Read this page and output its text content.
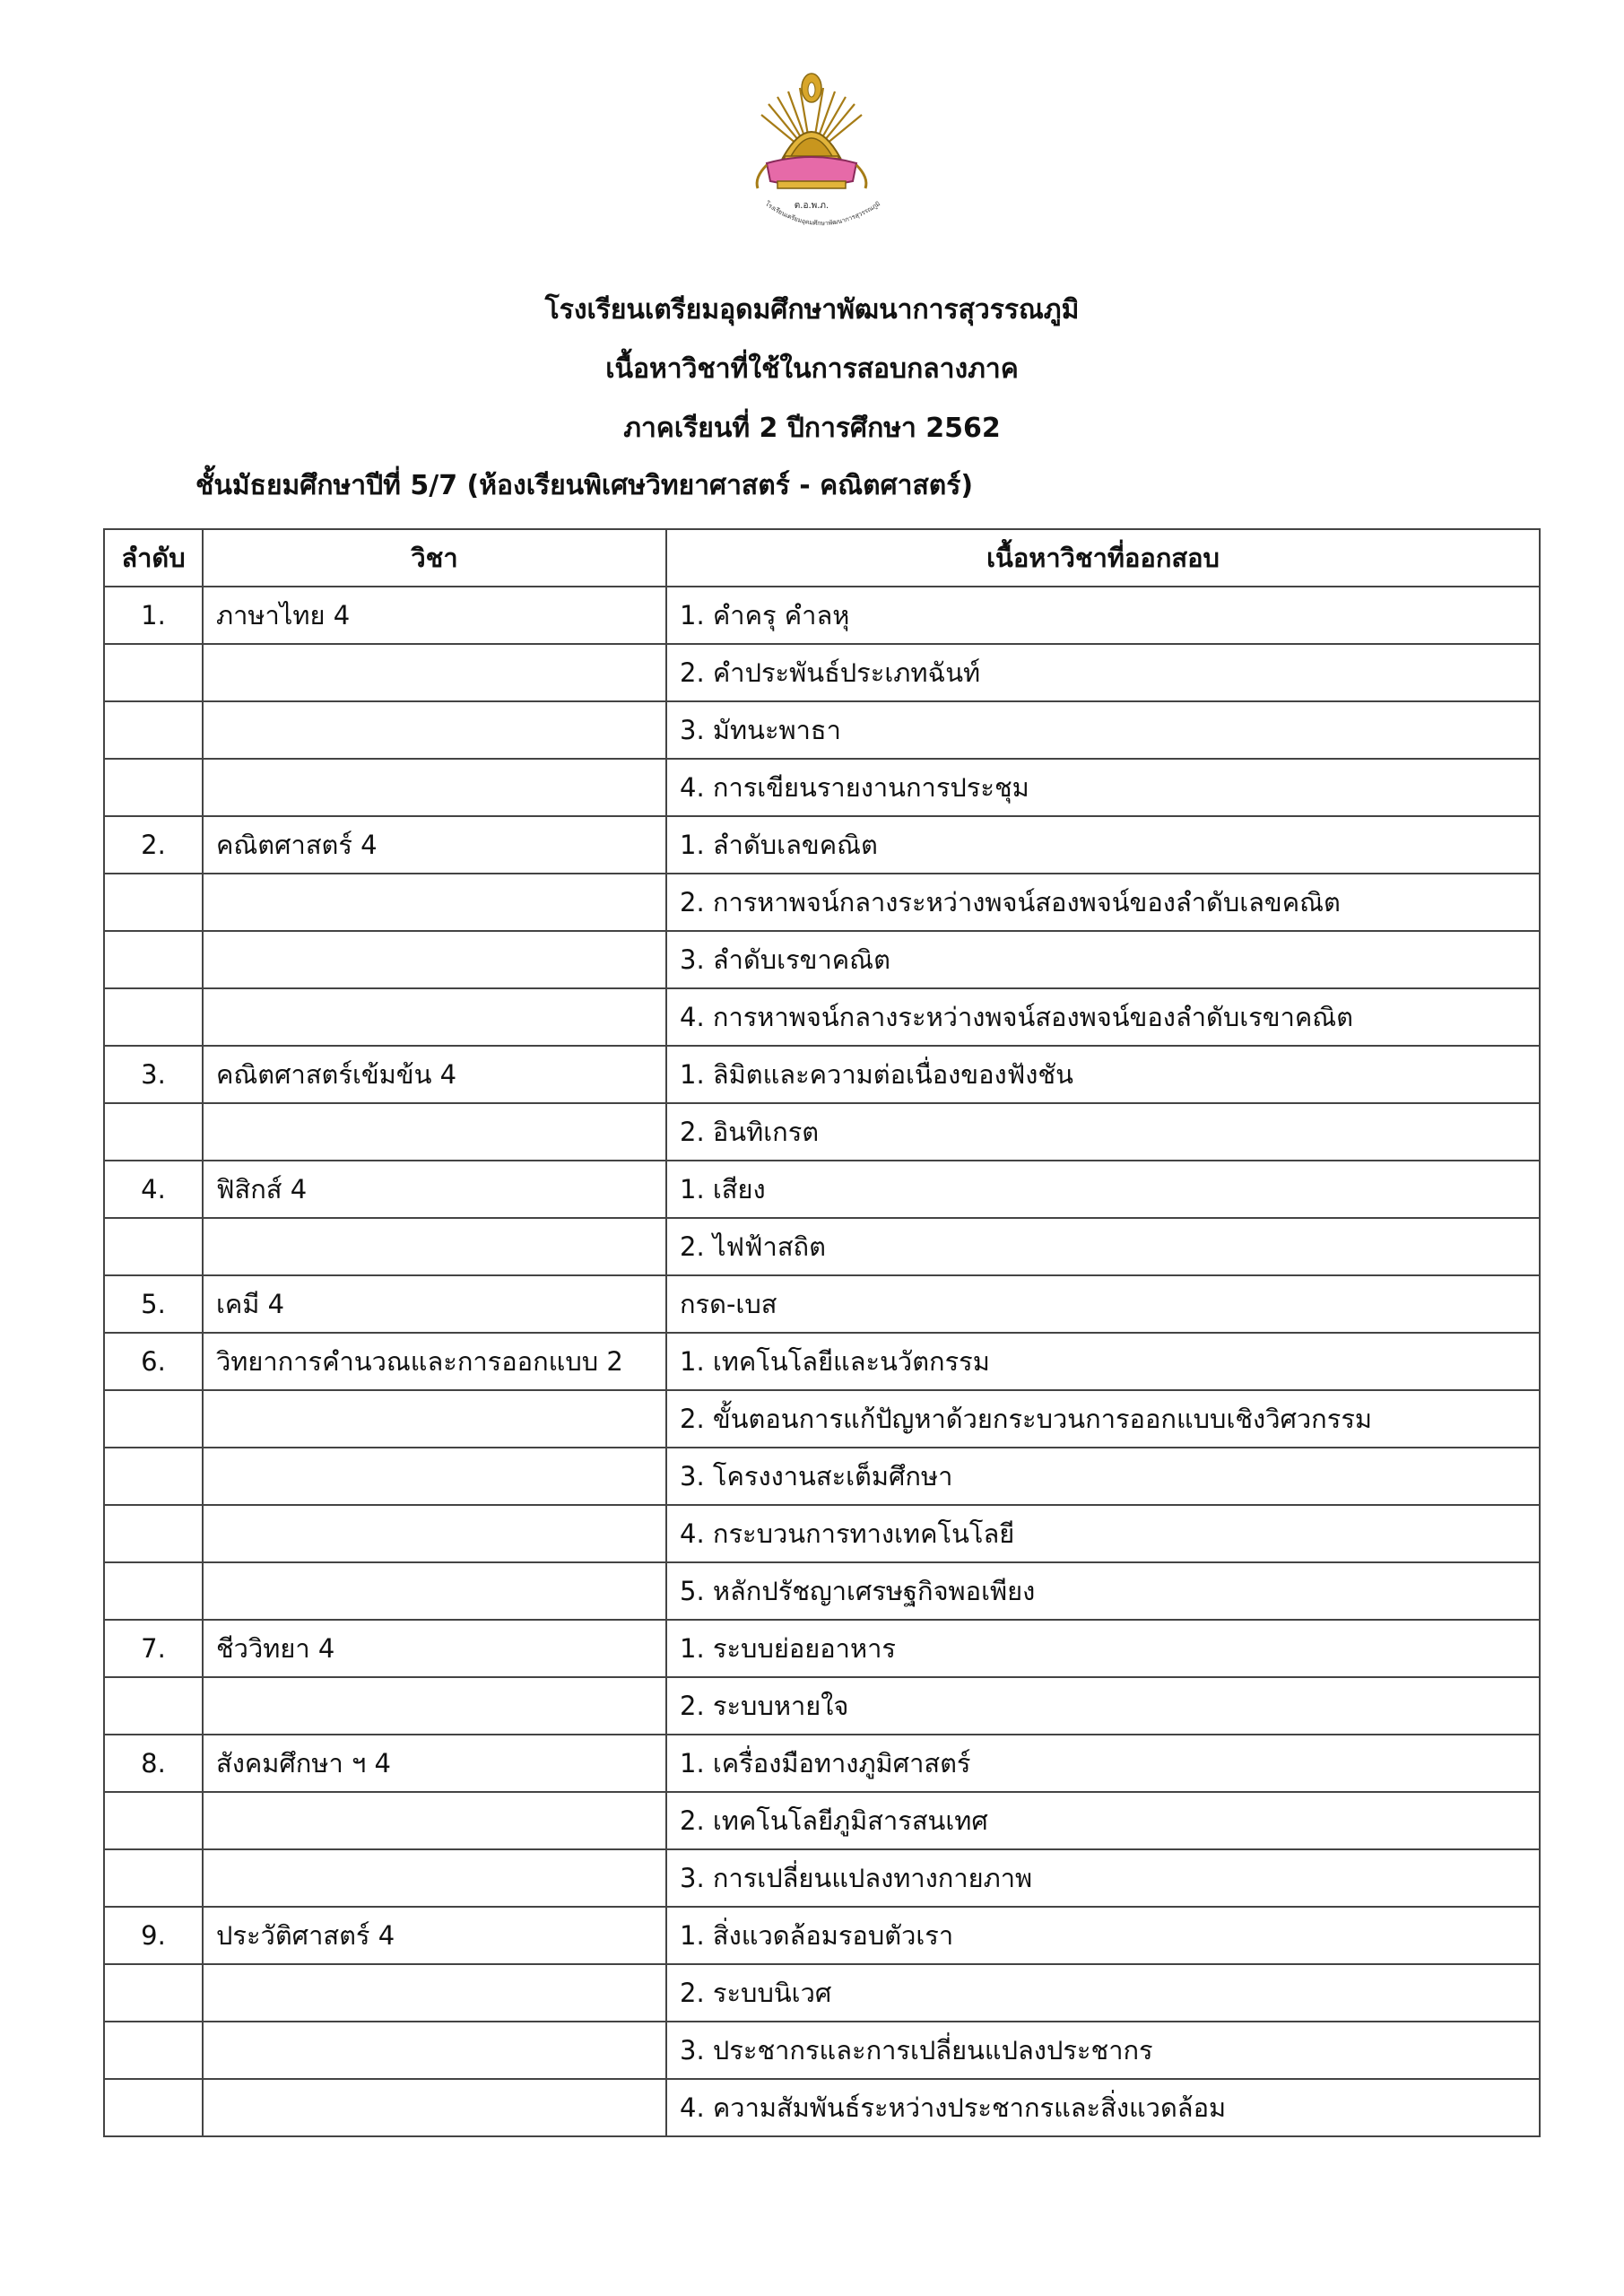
ต.อ.พ.ภ.
โรงเรียนเตรียมอุดมศึกษาพัฒนาการสุวรรณภูมิ
โรงเรียนเตรียมอุดมศึกษาพัฒนาการสุวรรณภูมิ
เนื้อหาวิชาที่ใช้ในการสอบกลางภาค
ภาคเรียนที่ 2 ปีการศึกษา 2562
ชั้นมัธยมศึกษาปีที่ 5/7 (ห้องเรียนพิเศษวิทยาศาสตร์ - คณิตศาสตร์)
ลำดับ	วิชา	เนื้อหาวิชาที่ออกสอบ
1.	ภาษาไทย 4	1. คำครุ คำลหุ
		2. คำประพันธ์ประเภทฉันท์
		3. มัทนะพาธา
		4. การเขียนรายงานการประชุม
2.	คณิตศาสตร์ 4	1. ลำดับเลขคณิต
		2. การหาพจน์กลางระหว่างพจน์สองพจน์ของลำดับเลขคณิต
		3. ลำดับเรขาคณิต
		4. การหาพจน์กลางระหว่างพจน์สองพจน์ของลำดับเรขาคณิต
3.	คณิตศาสตร์เข้มข้น 4	1. ลิมิตและความต่อเนื่องของฟังชัน
		2. อินทิเกรต
4.	ฟิสิกส์ 4	1. เสียง
		2. ไฟฟ้าสถิต
5.	เคมี 4	กรด-เบส
6.	วิทยาการคำนวณและการออกแบบ 2	1. เทคโนโลยีและนวัตกรรม
		2. ขั้นตอนการแก้ปัญหาด้วยกระบวนการออกแบบเชิงวิศวกรรม
		3. โครงงานสะเต็มศึกษา
		4. กระบวนการทางเทคโนโลยี
		5. หลักปรัชญาเศรษฐกิจพอเพียง
7.	ชีววิทยา 4	1. ระบบย่อยอาหาร
		2. ระบบหายใจ
8.	สังคมศึกษา ฯ 4	1. เครื่องมือทางภูมิศาสตร์
		2. เทคโนโลยีภูมิสารสนเทศ
		3. การเปลี่ยนแปลงทางกายภาพ
9.	ประวัติศาสตร์ 4	1. สิ่งแวดล้อมรอบตัวเรา
		2. ระบบนิเวศ
		3. ประชากรและการเปลี่ยนแปลงประชากร
		4. ความสัมพันธ์ระหว่างประชากรและสิ่งแวดล้อม
